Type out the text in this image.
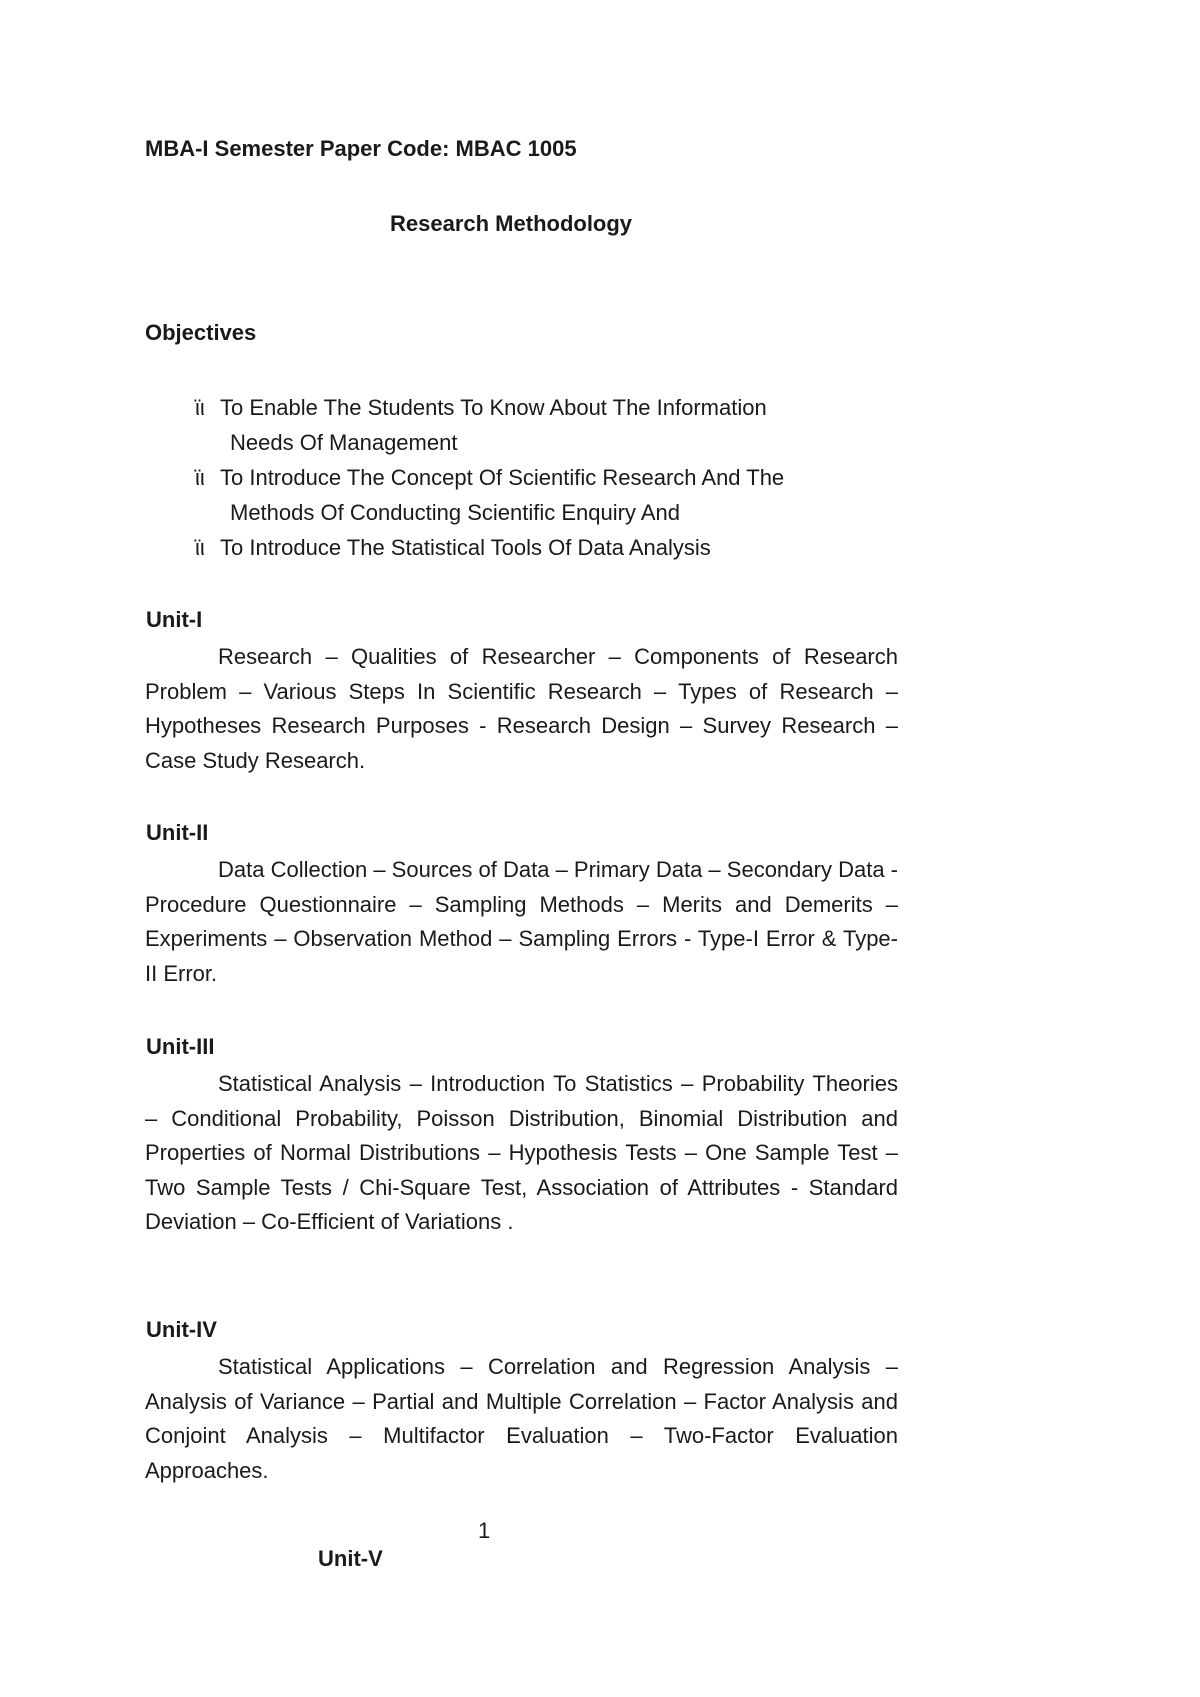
MBA-I Semester Paper Code: MBAC 1005
Research Methodology
Objectives
ϊι To Enable The Students To Know About The Information
Needs Of Management
ϊι To Introduce The Concept Of Scientific Research And The
Methods Of Conducting Scientific Enquiry And
ϊι To Introduce The Statistical Tools Of Data Analysis
Unit-I

Research – Qualities of Researcher – Components of Research Problem – Various Steps In Scientific Research – Types of Research – Hypotheses Research Purposes - Research Design – Survey Research – Case Study Research.

Unit-II

Data Collection – Sources of Data – Primary Data – Secondary Data - Procedure Questionnaire – Sampling Methods – Merits and Demerits – Experiments – Observation Method – Sampling Errors - Type-I Error & Type-II Error.

Unit-III

Statistical Analysis – Introduction To Statistics – Probability Theories – Conditional Probability, Poisson Distribution, Binomial Distribution and Properties of Normal Distributions – Hypothesis Tests – One Sample Test – Two Sample Tests / Chi-Square Test, Association of Attributes - Standard Deviation – Co-Efficient of Variations .

Unit-IV

Statistical Applications – Correlation and Regression Analysis – Analysis of Variance – Partial and Multiple Correlation – Factor Analysis and Conjoint Analysis – Multifactor Evaluation – Two-Factor Evaluation Approaches.

1
Unit-V
